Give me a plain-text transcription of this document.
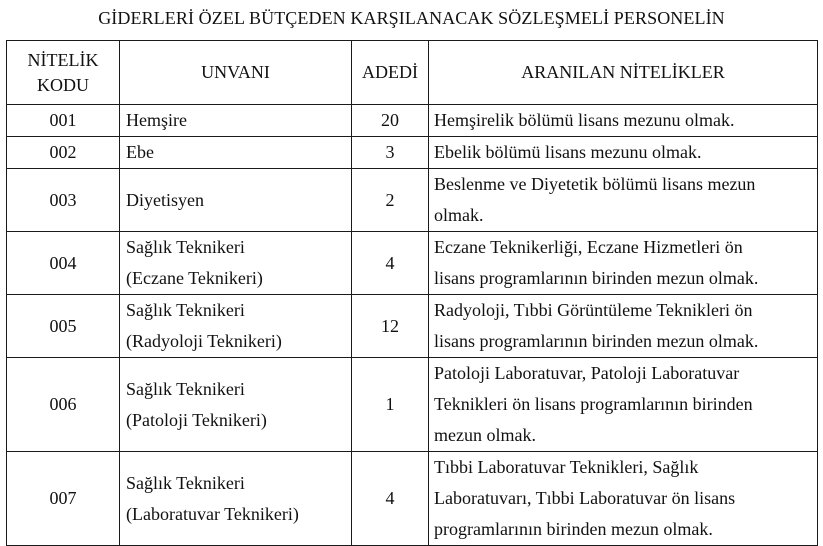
GİDERLERİ ÖZEL BÜTÇEDEN KARŞILANACAK SÖZLEŞMELİ PERSONELİN
NİTELİK
KODU	UNVANI	ADEDİ	ARANILAN NİTELİKLER
001	Hemşire	20	Hemşirelik bölümü lisans mezunu olmak.

002	Ebe	3	Ebelik bölümü lisans mezunu olmak.

003	Diyetisyen	2	Beslenme ve Diyetetik bölümü lisans mezun
olmak.

004	Sağlık Teknikeri
(Eczane Teknikeri)	4	Eczane Teknikerliği, Eczane Hizmetleri ön
lisans programlarının birinden mezun olmak.

005	Sağlık Teknikeri
(Radyoloji Teknikeri)	12	Radyoloji, Tıbbi Görüntüleme Teknikleri ön
lisans programlarının birinden mezun olmak.

006	Sağlık Teknikeri
(Patoloji Teknikeri)	1	Patoloji Laboratuvar, Patoloji Laboratuvar
Teknikleri ön lisans programlarının birinden
mezun olmak.

007	Sağlık Teknikeri
(Laboratuvar Teknikeri)	4	Tıbbi Laboratuvar Teknikleri, Sağlık
Laboratuvarı, Tıbbi Laboratuvar ön lisans
programlarının birinden mezun olmak.
